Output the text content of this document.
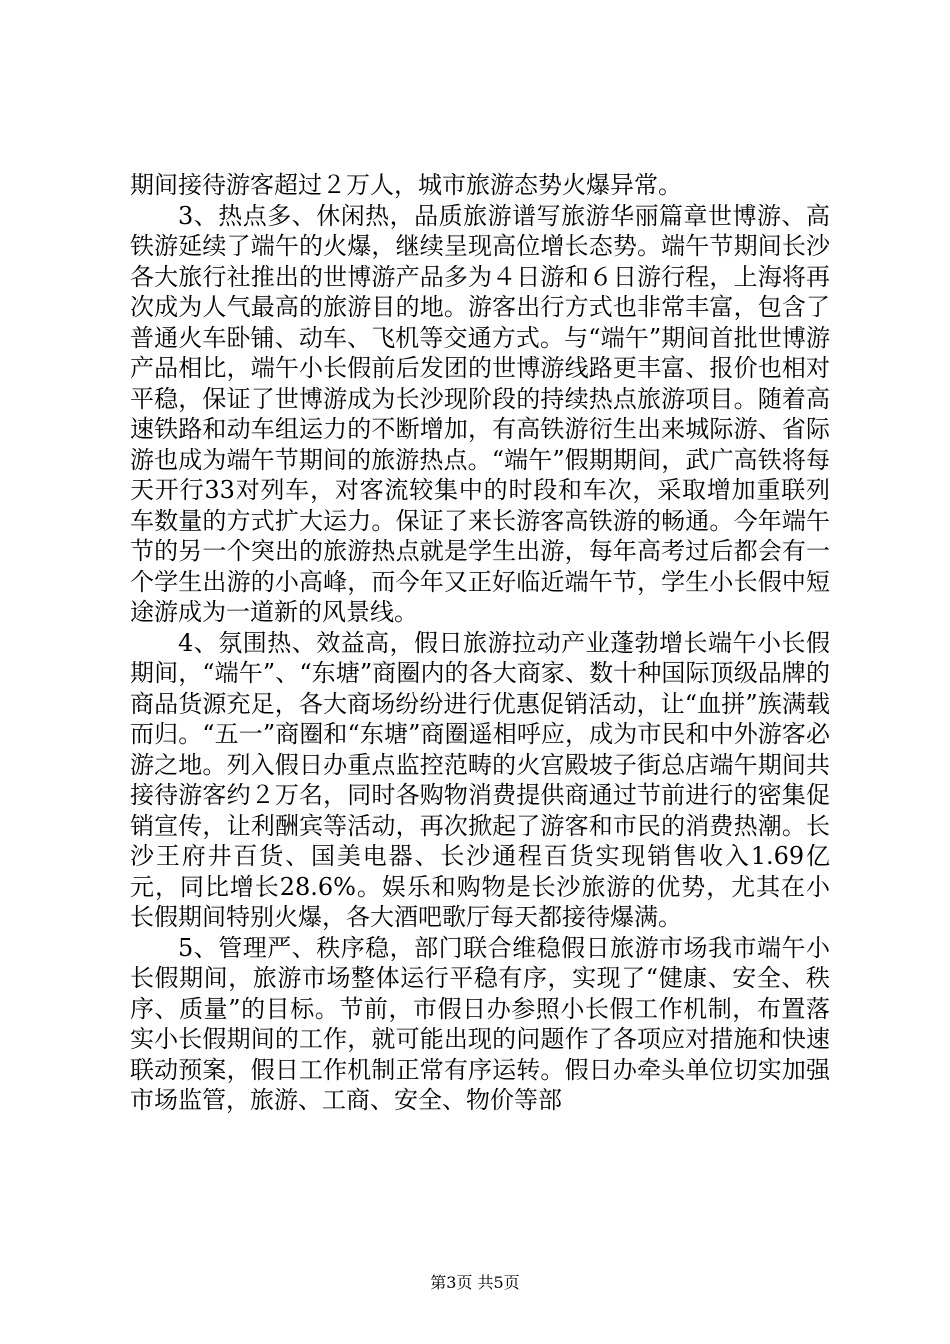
期间接待游客超过２万人，城市旅游态势火爆异常。

3、热点多、休闲热，品质旅游谱写旅游华丽篇章世博游、高铁游延续了端午的火爆，继续呈现高位增长态势。端午节期间长沙各大旅行社推出的世博游产品多为４日游和６日游行程，上海将再次成为人气最高的旅游目的地。游客出行方式也非常丰富，包含了普通火车卧铺、动车、飞机等交通方式。与“端午”期间首批世博游产品相比，端午小长假前后发团的世博游线路更丰富、报价也相对平稳，保证了世博游成为长沙现阶段的持续热点旅游项目。随着高速铁路和动车组运力的不断增加，有高铁游衍生出来城际游、省际游也成为端午节期间的旅游热点。“端午”假期期间，武广高铁将每天开行33对列车，对客流较集中的时段和车次，采取增加重联列车数量的方式扩大运力。保证了来长游客高铁游的畅通。今年端午节的另一个突出的旅游热点就是学生出游，每年高考过后都会有一个学生出游的小高峰，而今年又正好临近端午节，学生小长假中短途游成为一道新的风景线。

4、氛围热、效益高，假日旅游拉动产业蓬勃增长端午小长假期间，“端午”、“东塘”商圈内的各大商家、数十种国际顶级品牌的商品货源充足，各大商场纷纷进行优惠促销活动，让“血拼”族满载而归。“五一”商圈和“东塘”商圈遥相呼应，成为市民和中外游客必游之地。列入假日办重点监控范畴的火宫殿坡子街总店端午期间共接待游客约２万名，同时各购物消费提供商通过节前进行的密集促销宣传，让利酬宾等活动，再次掀起了游客和市民的消费热潮。长沙王府井百货、国美电器、长沙通程百货实现销售收入1.69亿元，同比增长28.6%。娱乐和购物是长沙旅游的优势，尤其在小长假期间特别火爆，各大酒吧歌厅每天都接待爆满。

5、管理严、秩序稳，部门联合维稳假日旅游市场我市端午小长假期间，旅游市场整体运行平稳有序，实现了“健康、安全、秩序、质量”的目标。节前，市假日办参照小长假工作机制，布置落实小长假期间的工作，就可能出现的问题作了各项应对措施和快速联动预案，假日工作机制正常有序运转。假日办牵头单位切实加强市场监管，旅游、工商、安全、物价等部

第3页 共5页
